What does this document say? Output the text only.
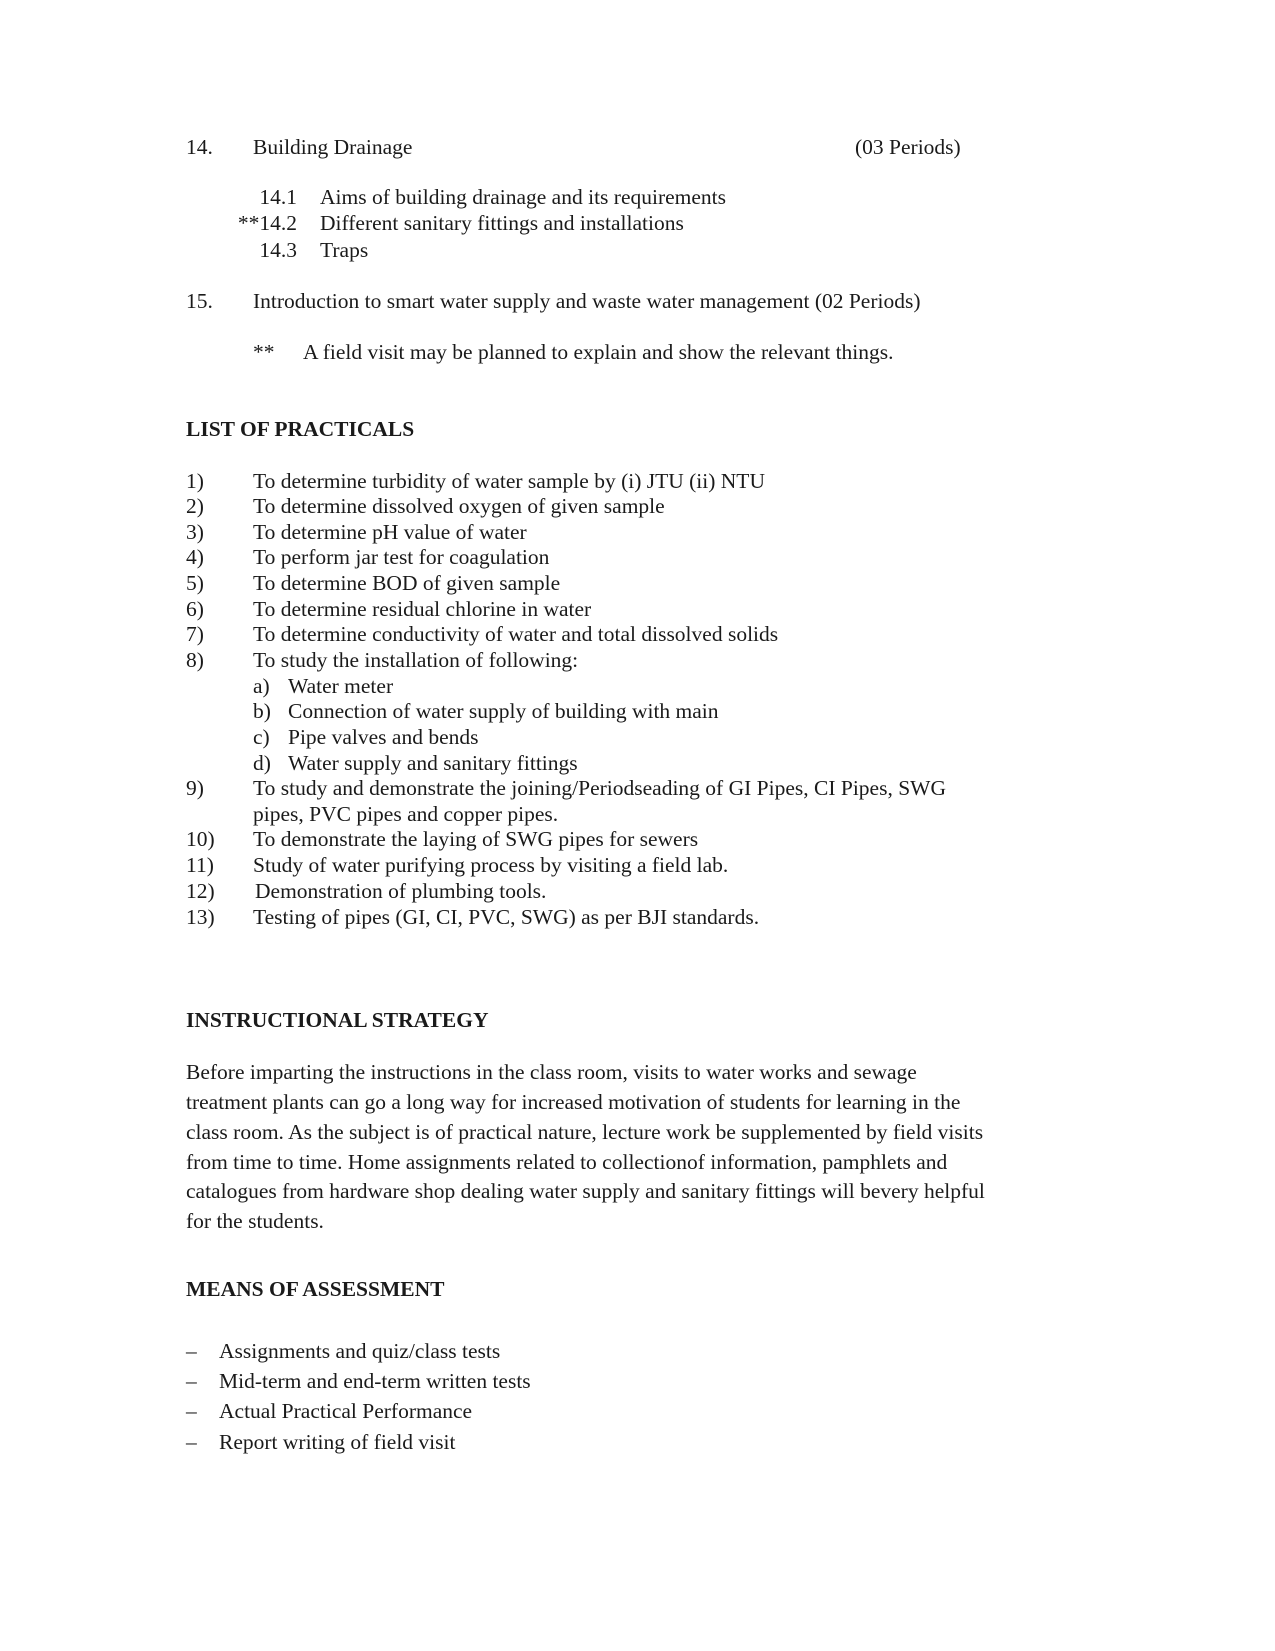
14. Building Drainage	(03 Periods)
14.1 Aims of building drainage and its requirements
**14.2 Different sanitary fittings and installations
14.3 Traps
15. Introduction to smart water supply and waste water management (02 Periods)
** A field visit may be planned to explain and show the relevant things.
LIST OF PRACTICALS
1) To determine turbidity of water sample by (i) JTU (ii) NTU
2) To determine dissolved oxygen of given sample
3) To determine pH value of water
4) To perform jar test for coagulation
5) To determine BOD of given sample
6) To determine residual chlorine in water
7) To determine conductivity of water and total dissolved solids
8) To study the installation of following:
a) Water meter
b) Connection of water supply of building with main
c) Pipe valves and bends
d) Water supply and sanitary fittings
9) To study and demonstrate the joining/Periodseading of GI Pipes, CI Pipes, SWG
pipes, PVC pipes and copper pipes.
10) To demonstrate the laying of SWG pipes for sewers
11) Study of water purifying process by visiting a field lab.
12) Demonstration of plumbing tools.
13) Testing of pipes (GI, CI, PVC, SWG) as per BJI standards.
INSTRUCTIONAL STRATEGY
Before imparting the instructions in the class room, visits to water works and sewage
treatment plants can go a long way for increased motivation of students for learning in the
class room. As the subject is of practical nature, lecture work be supplemented by field visits
from time to time. Home assignments related to collectionof information, pamphlets and
catalogues from hardware shop dealing water supply and sanitary fittings will bevery helpful
for the students.
MEANS OF ASSESSMENT
– Assignments and quiz/class tests
– Mid-term and end-term written tests
– Actual Practical Performance
– Report writing of field visit
